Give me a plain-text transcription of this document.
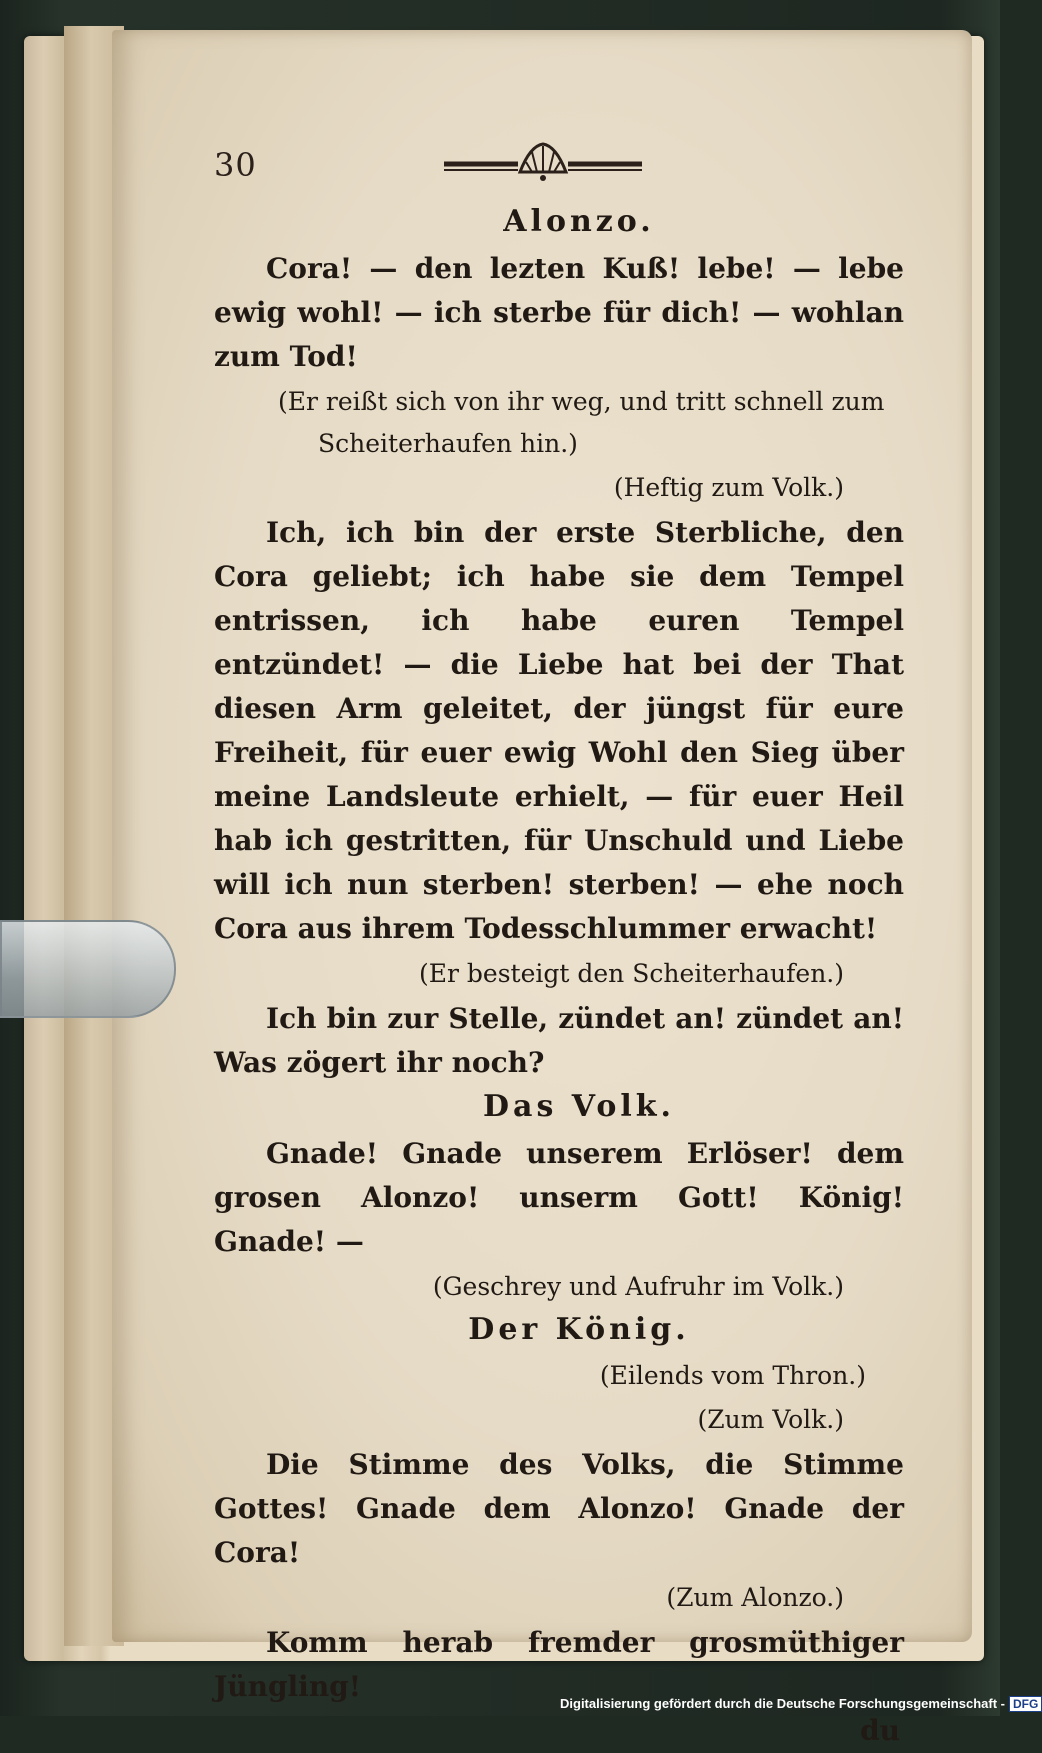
30

Alonzo.

Cora! — den lezten Kuß! lebe! — lebe ewig wohl! — ich sterbe für dich! — wohlan zum Tod!

(Er reißt sich von ihr weg, und tritt schnell zum Scheiterhaufen hin.)

(Heftig zum Volk.)

Ich, ich bin der erste Sterbliche, den Cora geliebt; ich habe sie dem Tempel entrissen, ich habe euren Tempel entzündet! — die Liebe hat bei der That diesen Arm geleitet, der jüngst für eure Freiheit, für euer ewig Wohl den Sieg über meine Landsleute erhielt, — für euer Heil hab ich gestritten, für Unschuld und Liebe will ich nun sterben! sterben! — ehe noch Cora aus ihrem Todesschlummer erwacht!

(Er besteigt den Scheiterhaufen.)

Ich bin zur Stelle, zündet an! zündet an! Was zögert ihr noch?

Das Volk.

Gnade! Gnade unserem Erlöser! dem grosen Alonzo! unserm Gott! König! Gnade! —

(Geschrey und Aufruhr im Volk.)

Der König.

(Eilends vom Thron.)

(Zum Volk.)

Die Stimme des Volks, die Stimme Gottes! Gnade dem Alonzo! Gnade der Cora!

(Zum Alonzo.)

Komm herab fremder grosmüthiger Jüngling!

du
Digitalisierung gefördert durch die Deutsche Forschungsgemeinschaft - DFG
